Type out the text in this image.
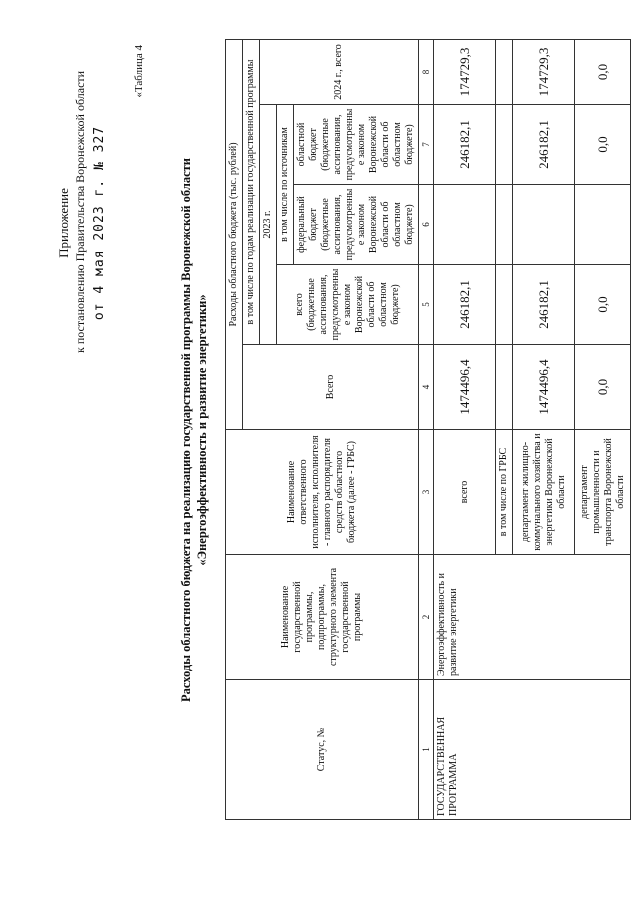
Приложение к постановлению Правительства Воронежской области от 4 мая 2023 г. № 327
«Таблица 4
Расходы областного бюджета на реализацию государственной программы Воронежской области «Энергоэффективность и развитие энергетики»
Статус, №	Наименование государственной программы, подпрограммы, структурного элемента государственной программы	Наименование ответственного исполнителя, исполнителя - главного распорядителя средств областного бюджета (далее - ГРБС)	Расходы областного бюджета (тыс. рублей)				
			Всего	в том числе по годам реализации государственной программы			
				2023 г.			2024 г., всего
				всего (бюджетные ассигнования, предусмотренные законом Воронежской области об областном бюджете)	в том числе по источникам		
					федеральный бюджет (бюджетные ассигнования, предусмотренные законом Воронежской области об областном бюджете)	областной бюджет (бюджетные ассигнования, предусмотренные законом Воронежской области об областном бюджете)	
1	2	3	4	5	6	7	8
ГОСУДАРСТВЕННАЯ ПРОГРАММА	Энергоэффективность и развитие энергетики	всего	1474496,4	246182,1		246182,1	174729,3
		в том числе по ГРБС					
		департамент жилищно-коммунального хозяйства и энергетики Воронежской области	1474496,4	246182,1		246182,1	174729,3
		департамент промышленности и транспорта Воронежской области	0,0	0,0		0,0	0,0
